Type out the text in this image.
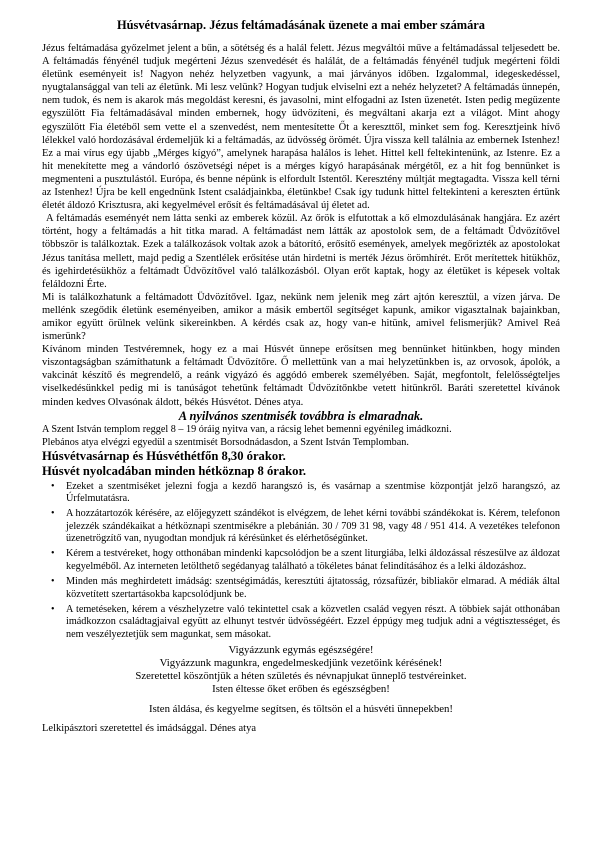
Húsvétvasárnap. Jézus feltámadásának üzenete a mai ember számára

Jézus feltámadása győzelmet jelent a bűn, a sötétség és a halál felett. Jézus megváltói műve a feltámadással teljesedett be. A feltámadás fényénél tudjuk megérteni Jézus szenvedését és halálát, de a feltámadás fényénél tudjuk megérteni földi életünk eseményeit is! Nagyon nehéz helyzetben vagyunk, a mai járványos időben. Izgalommal, idegeskedéssel, nyugtalansággal van teli az életünk. Mi lesz velünk? Hogyan tudjuk elviselni ezt a nehéz helyzetet? A feltámadás ünnepén, nem tudok, és nem is akarok más megoldást keresni, és javasolni, mint elfogadni az Isten üzenetét. Isten pedig megüzente egyszülött Fia feltámadásával minden embernek, hogy üdvözíteni, és megváltani akarja ezt a világot. Mint ahogy egyszülött Fia életéből sem vette el a szenvedést, nem mentesítette Őt a kereszttől, minket sem fog. Keresztjeink hívő lélekkel való hordozásával érdemeljük ki a feltámadás, az üdvösség örömét. Újra vissza kell találnia az embernek Istenhez! Ez a mai vírus egy újabb „Mérges kígyó”, amelynek harapása halálos is lehet. Hittel kell feltekintenünk, az Istenre. Ez a hit menekítette meg a vándorló ószövetségi népet is a mérges kígyó harapásának mérgétől, ez a hit fog bennünket is megmenteni a pusztulástól. Európa, és benne népünk is elfordult Istentől. Keresztény múltját megtagadta. Vissza kell térni az Istenhez! Újra be kell engednünk Istent családjainkba, életünkbe! Csak így tudunk hittel feltekinteni a kereszten értünk életét áldozó Krisztusra, aki kegyelmével erősít és feltámadásával új életet ad.

A feltámadás eseményét nem látta senki az emberek közül. Az őrök is elfutottak a kő elmozdulásának hangjára. Ez azért történt, hogy a feltámadás a hit titka marad. A feltámadást nem látták az apostolok sem, de a feltámadt Üdvözítővel többször is találkoztak. Ezek a találkozások voltak azok a bátorító, erősítő események, amelyek megőrizték az apostolokat Jézus tanítása mellett, majd pedig a Szentlélek erősítése után hirdetni is merték Jézus örömhírét. Erőt merítettek hitükhöz, és igehirdetésükhöz a feltámadt Üdvözítővel való találkozásból. Olyan erőt kaptak, hogy az életüket is képesek voltak feláldozni Érte.

Mi is találkozhatunk a feltámadott Üdvözítővel. Igaz, nekünk nem jelenik meg zárt ajtón keresztül, a vízen járva. De mellénk szegődik életünk eseményeiben, amikor a másik embertől segítséget kapunk, amikor vigasztalnak bajainkban, amikor együtt örülnek velünk sikereinkben. A kérdés csak az, hogy van-e hitünk, amivel felismerjük? Amivel Reá ismerünk?

Kívánom minden Testvéremnek, hogy ez a mai Húsvét ünnepe erősítsen meg bennünket hitünkben, hogy minden viszontagságban számíthatunk a feltámadt Üdvözítőre. Ő mellettünk van a mai helyzetünkben is, az orvosok, ápolók, a vakcinát készítő és megrendelő, a reánk vigyázó és aggódó emberek személyében. Saját, megfontolt, felelősségteljes viselkedésünkkel pedig mi is tanúságot tehetünk feltámadt Üdvözítőnkbe vetett hitünkről. Baráti szeretettel kívánok minden kedves Olvasónak áldott, békés Húsvétot. Dénes atya.

A nyilvános szentmisék továbbra is elmaradnak.

A Szent István templom reggel 8 – 19 óráig nyitva van, a rácsig lehet bemenni egyénileg imádkozni.

Plebános atya elvégzi egyedül a szentmisét Borsodnádasdon, a Szent István Templomban.

Húsvétvasárnap és Húsvéthétfőn 8,30 órakor.

Húsvét nyolcadában minden hétköznap 8 órakor.

• Ezeket a szentmiséket jelezni fogja a kezdő harangszó is, és vasárnap a szentmise központját jelző harangszó, az Úrfelmutatásra.
• A hozzátartozók kérésére, az előjegyzett szándékot is elvégzem, de lehet kérni további szándékokat is. Kérem, telefonon jelezzék szándékaikat a hétköznapi szentmisékre a plebánián. 30 / 709 31 98, vagy 48 / 951 414. A vezetékes telefonon üzenetrögzítő van, nyugodtan mondjuk rá kérésünket és elérhetőségünket.
• Kérem a testvéreket, hogy otthonában mindenki kapcsolódjon be a szent liturgiába, lelki áldozással részesülve az áldozat kegyelméből. Az interneten letölthető segédanyag található a tökéletes bánat felindításához és a lelki áldozáshoz.
• Minden más meghirdetett imádság: szentségimádás, keresztúti ájtatosság, rózsafüzér, bibliakör elmarad. A médiák által közvetített szertartásokba kapcsolódjunk be.
• A temetéseken, kérem a vészhelyzetre való tekintettel csak a közvetlen család vegyen részt. A többiek saját otthonában imádkozzon családtagjaival együtt az elhunyt testvér üdvösségéért. Ezzel éppúgy meg tudjuk adni a végtisztességet, és nem veszélyeztetjük sem magunkat, sem másokat.

Vigyázzunk egymás egészségére!

Vigyázzunk magunkra, engedelmeskedjünk vezetőink kérésének!

Szeretettel köszöntjük a héten születés és névnapjukat ünneplő testvéreinket.

Isten éltesse őket erőben és egészségben!

Isten áldása, és kegyelme segítsen, és töltsön el a húsvéti ünnepekben!

Lelkipásztori szeretettel és imádsággal. Dénes atya
